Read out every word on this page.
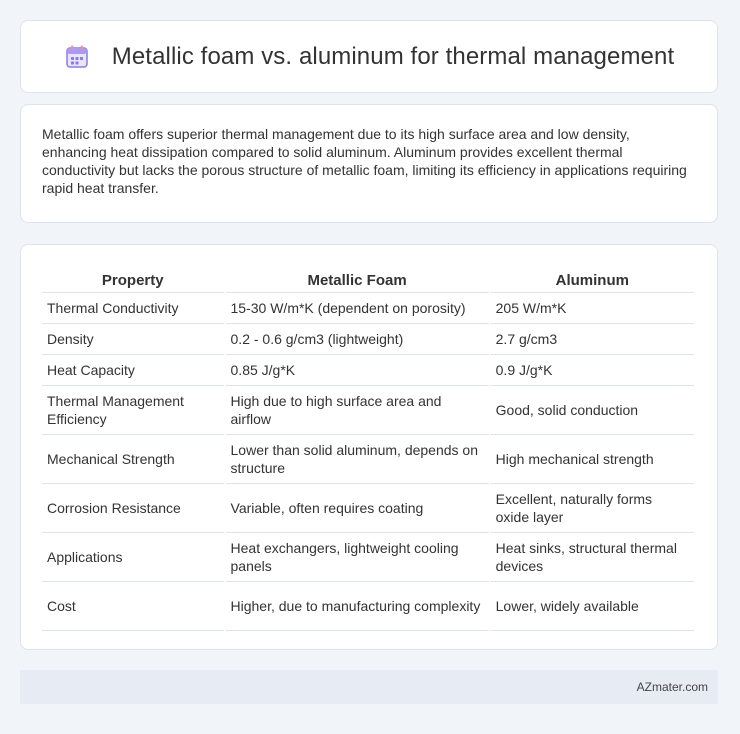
Metallic foam vs. aluminum for thermal management

Metallic foam offers superior thermal management due to its high surface area and low density, enhancing heat dissipation compared to solid aluminum. Aluminum provides excellent thermal conductivity but lacks the porous structure of metallic foam, limiting its efficiency in applications requiring rapid heat transfer.

Property	Metallic Foam	Aluminum
Thermal Conductivity	15-30 W/m*K (dependent on porosity)	205 W/m*K
Density	0.2 - 0.6 g/cm3 (lightweight)	2.7 g/cm3
Heat Capacity	0.85 J/g*K	0.9 J/g*K
Thermal Management Efficiency	High due to high surface area and airflow	Good, solid conduction
Mechanical Strength	Lower than solid aluminum, depends on structure	High mechanical strength
Corrosion Resistance	Variable, often requires coating	Excellent, naturally forms oxide layer
Applications	Heat exchangers, lightweight cooling panels	Heat sinks, structural thermal devices
Cost	Higher, due to manufacturing complexity	Lower, widely available
AZmater.com
